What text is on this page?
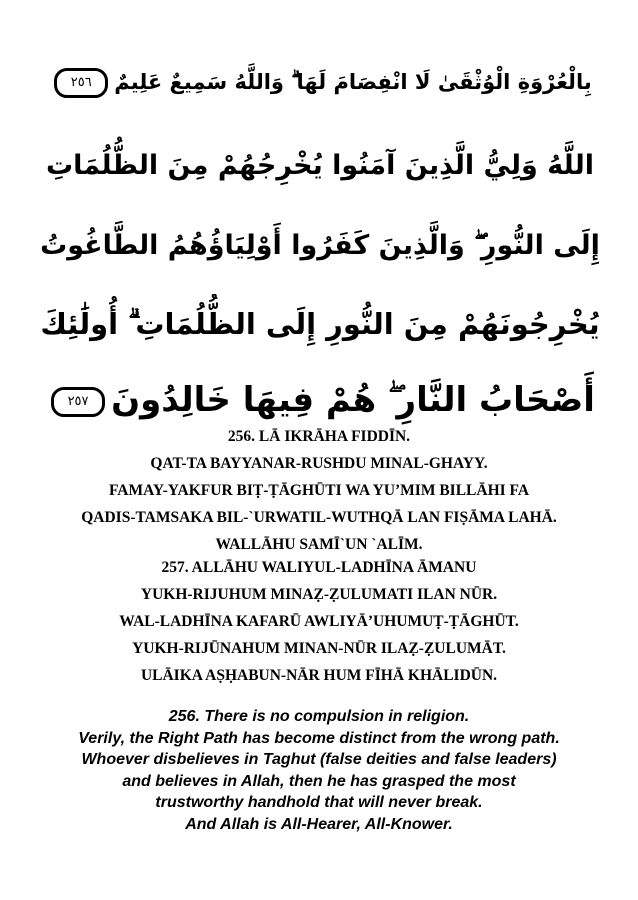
بِالْعُرْوَةِ الْوُثْقَىٰ لَا انْفِصَامَ لَهَا ۗ وَاللَّهُ سَمِيعٌ عَلِيمٌ٢٥٦
اللَّهُ وَلِيُّ الَّذِينَ آمَنُوا يُخْرِجُهُمْ مِنَ الظُّلُمَاتِ
إِلَى النُّورِ ۖ وَالَّذِينَ كَفَرُوا أَوْلِيَاؤُهُمُ الطَّاغُوتُ
يُخْرِجُونَهُمْ مِنَ النُّورِ إِلَى الظُّلُمَاتِ ۗ أُولَٰئِكَ
أَصْحَابُ النَّارِ ۖ هُمْ فِيهَا خَالِدُونَ٢٥٧
256. LĀ IKRĀHA FIDDĪN.
QAT-TA BAYYANAR-RUSHDU MINAL-GHAYY.
FAMAY-YAKFUR BIṬ-ṬĀGHŪTI WA YU’MIM BILLĀHI FA
QADIS-TAMSAKA BIL-`URWATIL-WUTHQĀ LAN FIṢĀMA LAHĀ.
WALLĀHU SAMĪ`UN `ALĪM.
257. ALLĀHU WALIYUL-LADHĪNA ĀMANU
YUKH-RIJUHUM MINAẒ-ẒULUMATI ILAN NŪR.
WAL-LADHĪNA KAFARŪ AWLIYĀ’UHUMUṬ-ṬĀGHŪT.
YUKH-RIJŪNAHUM MINAN-NŪR ILAẒ-ẒULUMĀT.
ULĀIKA AṢḤABUN-NĀR HUM FĪHĀ KHĀLIDŪN.
256. There is no compulsion in religion.
Verily, the Right Path has become distinct from the wrong path.
Whoever disbelieves in Taghut (false deities and false leaders)
and believes in Allah, then he has grasped the most
trustworthy handhold that will never break.
And Allah is All-Hearer, All-Knower.
